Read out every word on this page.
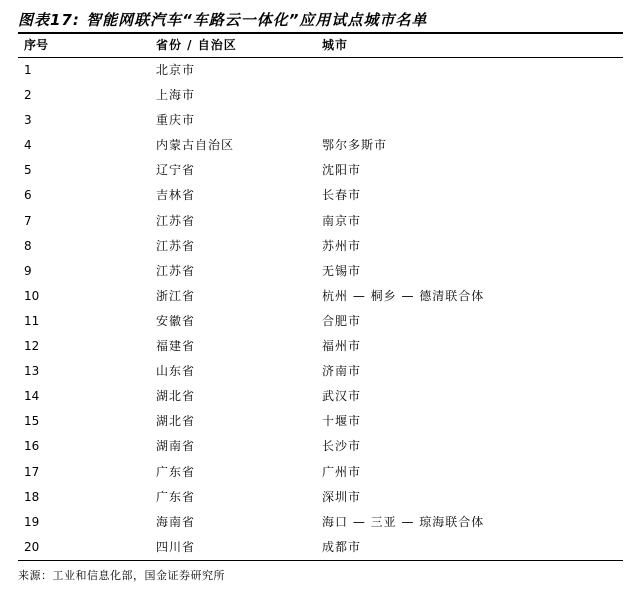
图表17: 智能网联汽车“车路云一体化”应用试点城市名单
序号	省份 / 自治区	城市
1	北京市
2	上海市
3	重庆市
4	内蒙古自治区	鄂尔多斯市
5	辽宁省	沈阳市
6	吉林省	长春市
7	江苏省	南京市
8	江苏省	苏州市
9	江苏省	无锡市
10	浙江省	杭州 — 桐乡 — 德清联合体
11	安徽省	合肥市
12	福建省	福州市
13	山东省	济南市
14	湖北省	武汉市
15	湖北省	十堰市
16	湖南省	长沙市
17	广东省	广州市
18	广东省	深圳市
19	海南省	海口 — 三亚 — 琼海联合体
20	四川省	成都市
来源：工业和信息化部，国金证券研究所
